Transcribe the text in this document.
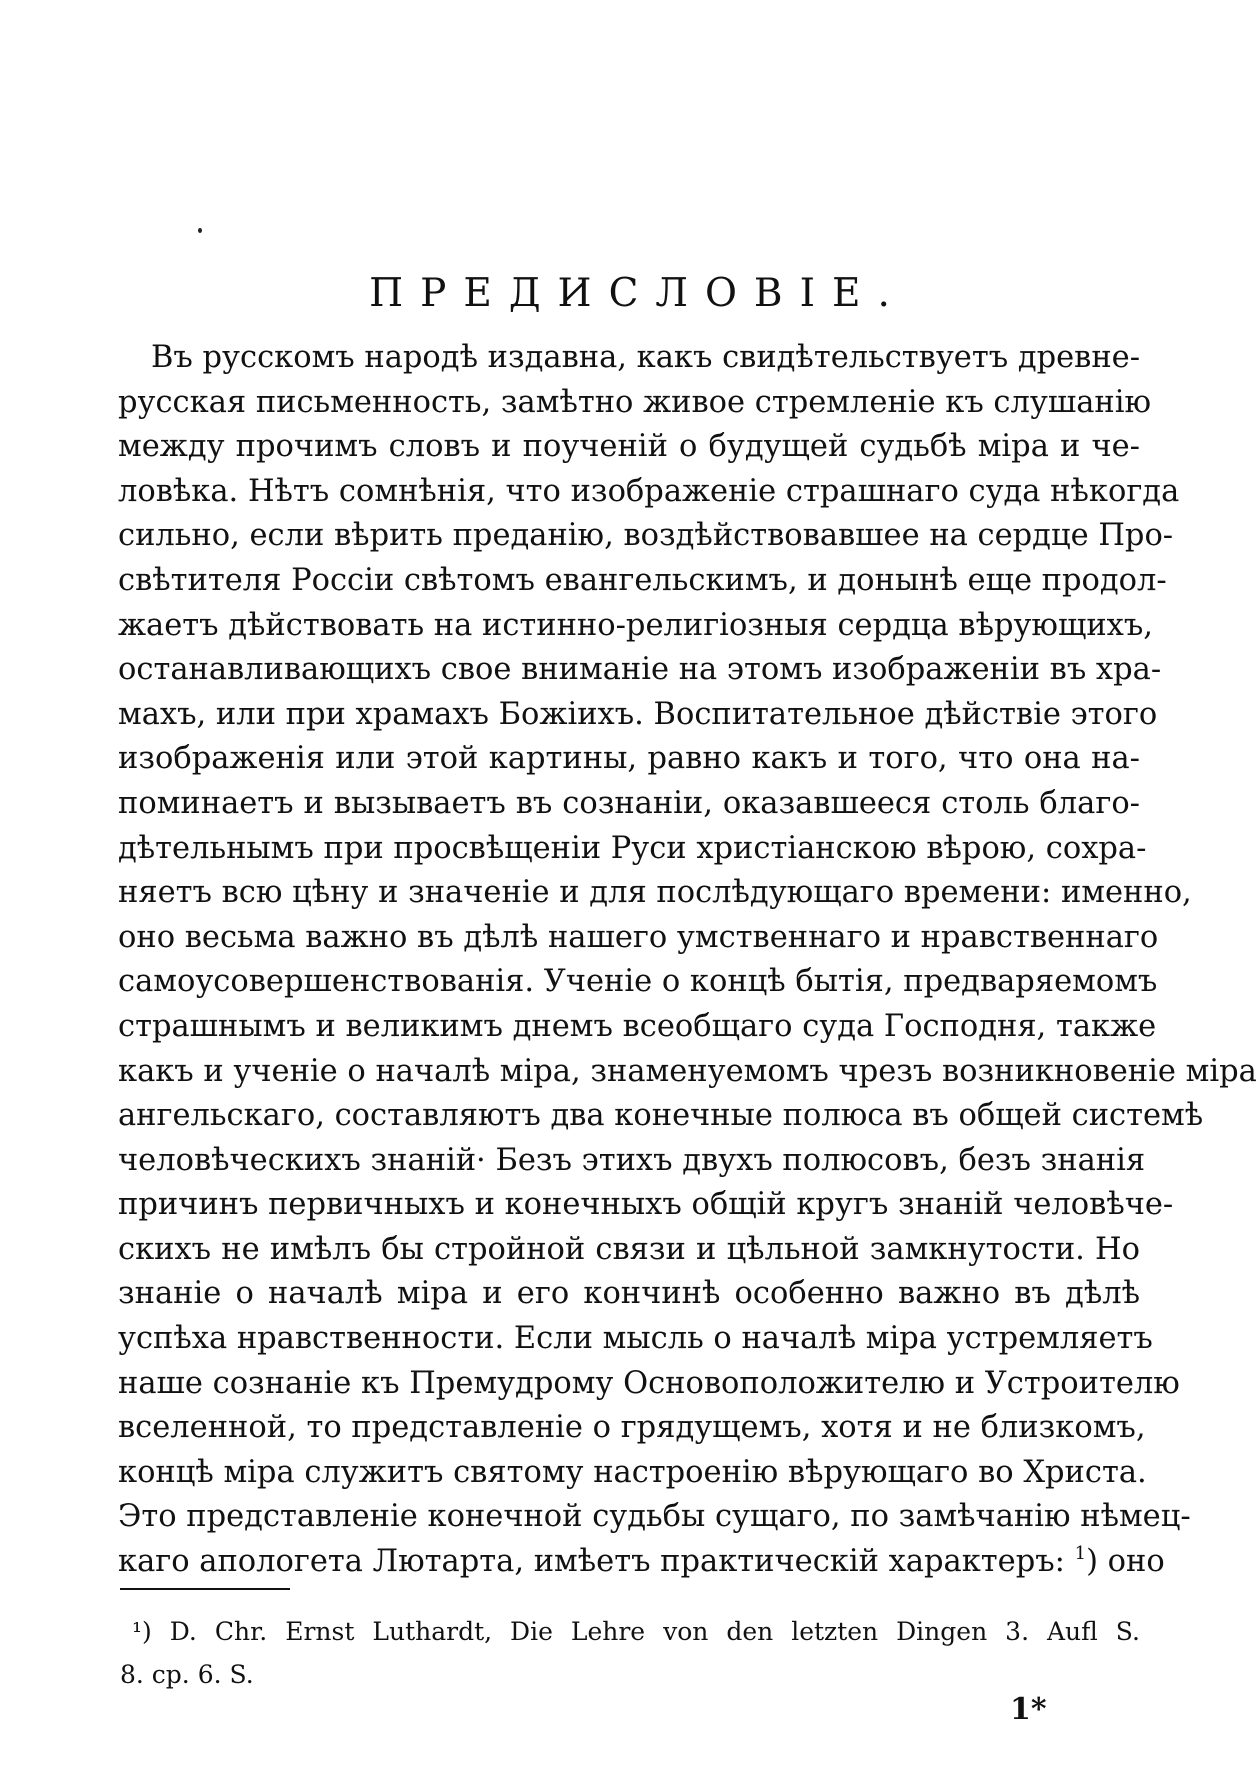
ПРЕДИСЛОВІЕ.
Въ русскомъ народѣ издавна, какъ свидѣтельствуетъ древне-
русская письменность, замѣтно живое стремленіе къ слушанію
между прочимъ словъ и поученій о будущей судьбѣ міра и че-
ловѣка. Нѣтъ сомнѣнія, что изображеніе страшнаго суда нѣкогда
сильно, если вѣрить преданію, воздѣйствовавшее на сердце Про-
свѣтителя Россіи свѣтомъ евангельскимъ, и донынѣ еще продол-
жаетъ дѣйствовать на истинно-религіозныя сердца вѣрующихъ,
останавливающихъ свое вниманіе на этомъ изображеніи въ хра-
махъ, или при храмахъ Божіихъ. Воспитательное дѣйствіе этого
изображенія или этой картины, равно какъ и того, что она на-
поминаетъ и вызываетъ въ сознаніи, оказавшееся столь благо-
дѣтельнымъ при просвѣщеніи Руси христіанскою вѣрою, сохра-
няетъ всю цѣну и значеніе и для послѣдующаго времени: именно,
оно весьма важно въ дѣлѣ нашего умственнаго и нравственнаго
самоусовершенствованія. Ученіе о концѣ бытія, предваряемомъ
страшнымъ и великимъ днемъ всеобщаго суда Господня, также
какъ и ученіе о началѣ міра, знаменуемомъ чрезъ возникновеніе міра
ангельскаго, составляютъ два конечные полюса въ общей системѣ
человѣческихъ знаній· Безъ этихъ двухъ полюсовъ, безъ знанія
причинъ первичныхъ и конечныхъ общій кругъ знаній человѣче-
скихъ не имѣлъ бы стройной связи и цѣльной замкнутости. Но
знаніе о началѣ міра и его кончинѣ особенно важно въ дѣлѣ
успѣха нравственности. Если мысль о началѣ міра устремляетъ
наше сознаніе къ Премудрому Основоположителю и Устроителю
вселенной, то представленіе о грядущемъ, хотя и не близкомъ,
концѣ міра служитъ святому настроенію вѣрующаго во Христа.
Это представленіе конечной судьбы сущаго, по замѣчанію нѣмец-
каго апологета Лютарта, имѣетъ практическій характеръ: $^1$) оно
¹) D. Chr. Ernst Luthardt, Die Lehre von den letzten Dingen 3. Aufl S.
8. ср. 6. S.
1*
